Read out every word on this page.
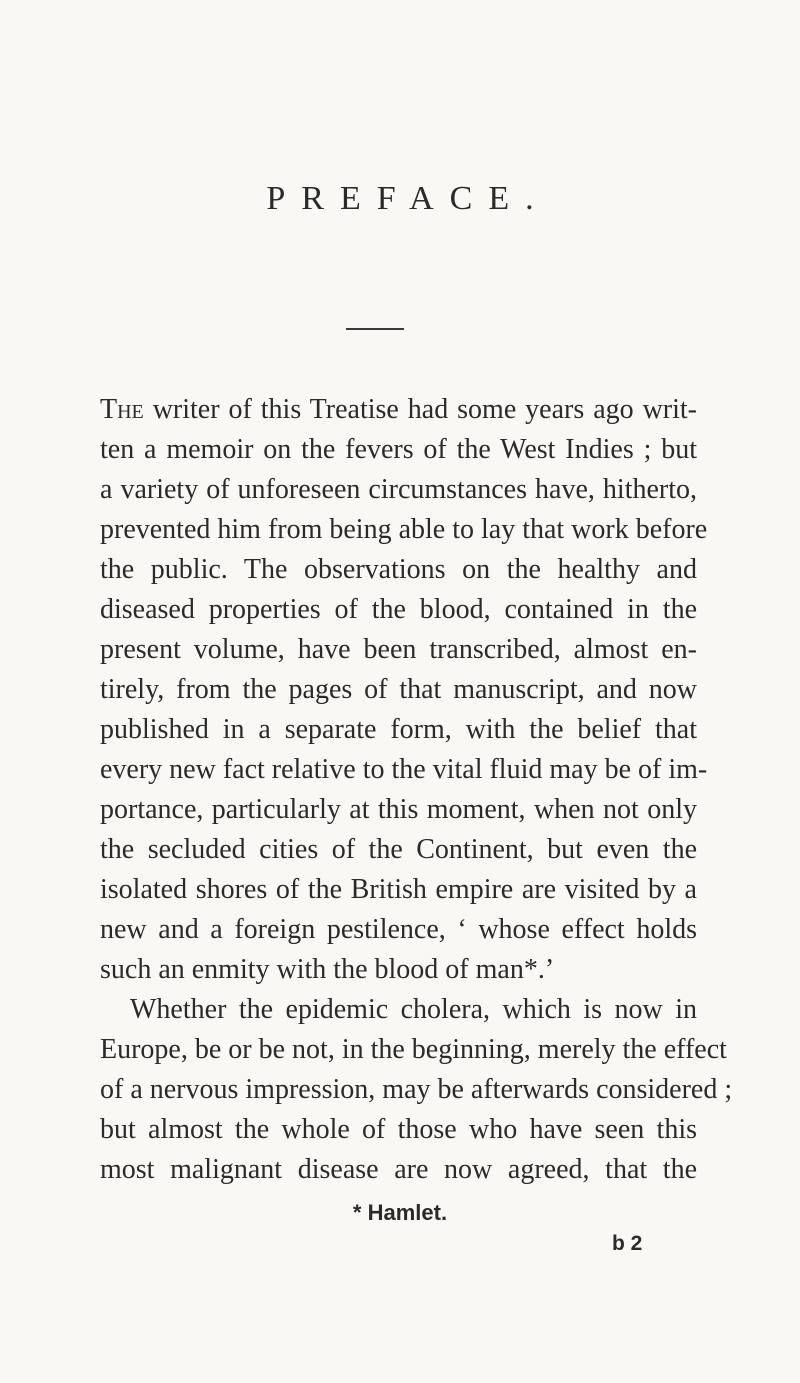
PREFACE.

The writer of this Treatise had some years ago writ-

ten a memoir on the fevers of the West Indies ; but

a variety of unforeseen circumstances have, hitherto,

prevented him from being able to lay that work before

the public. The observations on the healthy and

diseased properties of the blood, contained in the

present volume, have been transcribed, almost en-

tirely, from the pages of that manuscript, and now

published in a separate form, with the belief that

every new fact relative to the vital fluid may be of im-

portance, particularly at this moment, when not only

the secluded cities of the Continent, but even the

isolated shores of the British empire are visited by a

new and a foreign pestilence, ‘ whose effect holds

such an enmity with the blood of man*.’

Whether the epidemic cholera, which is now in

Europe, be or be not, in the beginning, merely the effect

of a nervous impression, may be afterwards considered ;

but almost the whole of those who have seen this

most malignant disease are now agreed, that the

* Hamlet.

b 2
